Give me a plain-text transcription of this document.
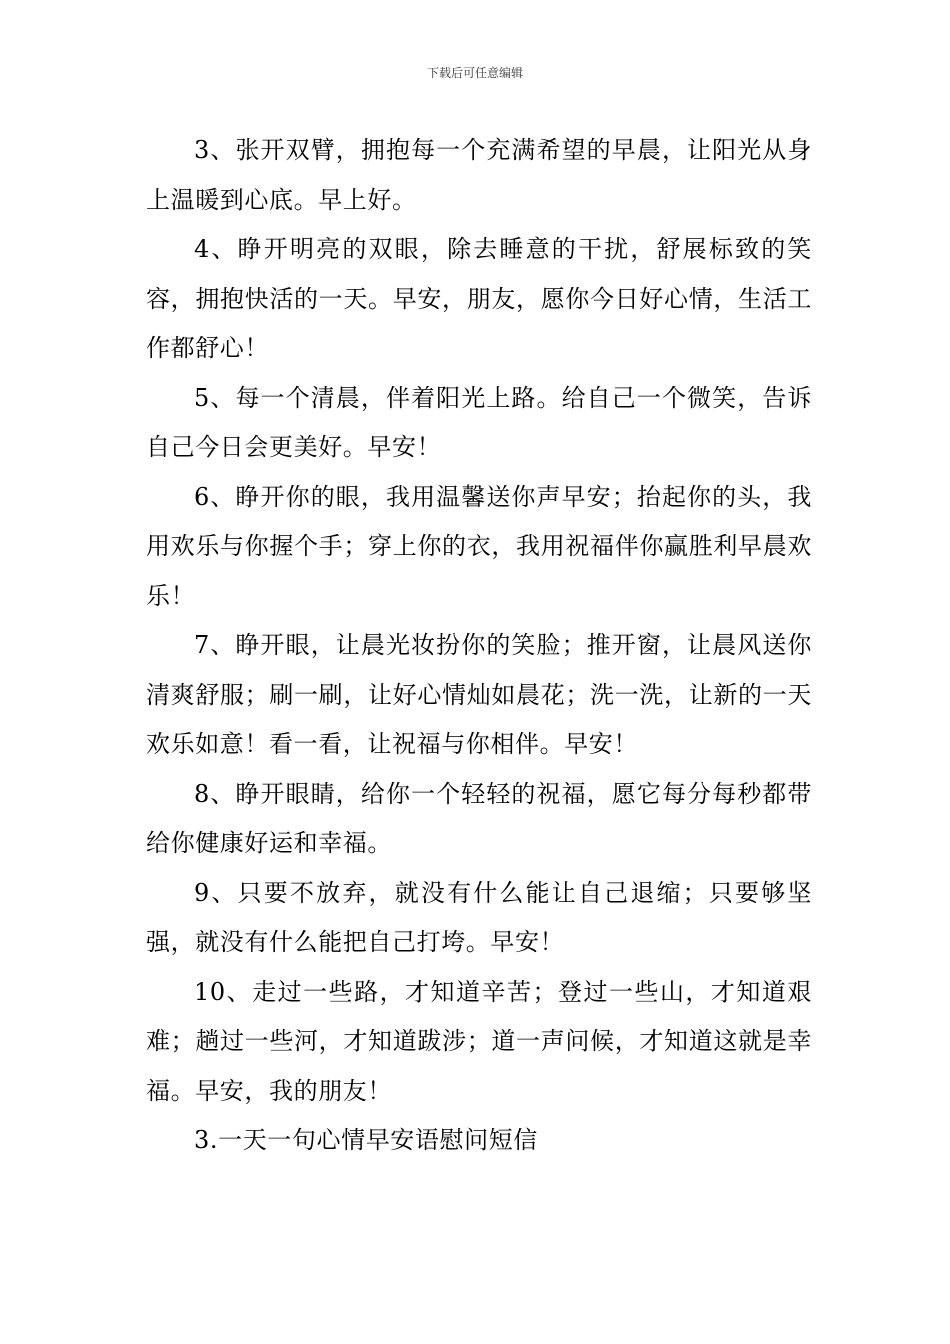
下载后可任意编辑

3、张开双臂，拥抱每一个充满希望的早晨，让阳光从身上温暖到心底。早上好。

4、睁开明亮的双眼，除去睡意的干扰，舒展标致的笑容，拥抱快活的一天。早安，朋友，愿你今日好心情，生活工作都舒心！

5、每一个清晨，伴着阳光上路。给自己一个微笑，告诉自己今日会更美好。早安！

6、睁开你的眼，我用温馨送你声早安；抬起你的头，我用欢乐与你握个手；穿上你的衣，我用祝福伴你赢胜利早晨欢乐！

7、睁开眼，让晨光妆扮你的笑脸；推开窗，让晨风送你清爽舒服；刷一刷，让好心情灿如晨花；洗一洗，让新的一天欢乐如意！看一看，让祝福与你相伴。早安！

8、睁开眼睛，给你一个轻轻的祝福，愿它每分每秒都带给你健康好运和幸福。

9、只要不放弃，就没有什么能让自己退缩；只要够坚强，就没有什么能把自己打垮。早安！

10、走过一些路，才知道辛苦；登过一些山，才知道艰难；趟过一些河，才知道跋涉；道一声问候，才知道这就是幸福。早安，我的朋友！

3.一天一句心情早安语慰问短信
